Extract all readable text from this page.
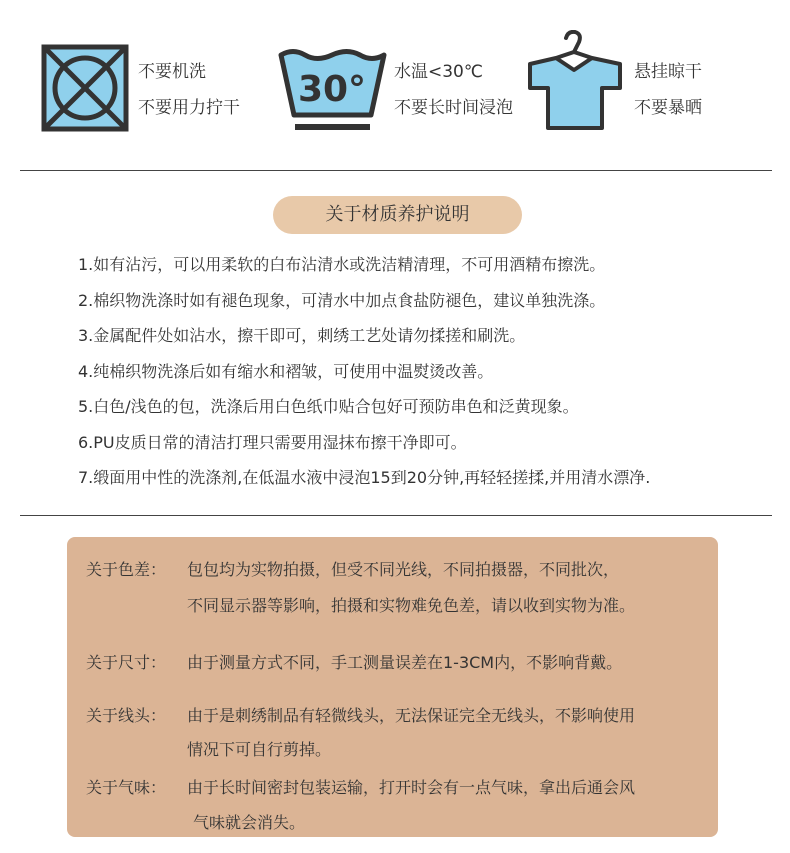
不要机洗
不要用力拧干 30° 水温<30℃
不要长时间浸泡
悬挂晾干
不要暴晒
关于材质养护说明
1.如有沾污，可以用柔软的白布沾清水或洗洁精清理，不可用酒精布擦洗。
2.棉织物洗涤时如有褪色现象，可清水中加点食盐防褪色，建议单独洗涤。
3.金属配件处如沾水，擦干即可，刺绣工艺处请勿揉搓和刷洗。
4.纯棉织物洗涤后如有缩水和褶皱，可使用中温熨烫改善。
5.白色/浅色的包，洗涤后用白色纸巾贴合包好可预防串色和泛黄现象。
6.PU皮质日常的清洁打理只需要用湿抹布擦干净即可。
7.缎面用中性的洗涤剂,在低温水液中浸泡15到20分钟,再轻轻搓揉,并用清水漂净.
关于色差： 包包均为实物拍摄，但受不同光线，不同拍摄器，不同批次，
不同显示器等影响，拍摄和实物难免色差，请以收到实物为准。
关于尺寸： 由于测量方式不同，手工测量误差在1-3CM内，不影响背戴。
关于线头： 由于是刺绣制品有轻微线头，无法保证完全无线头，不影响使用
情况下可自行剪掉。
关于气味： 由于长时间密封包装运输，打开时会有一点气味，拿出后通会风
气味就会消失。
